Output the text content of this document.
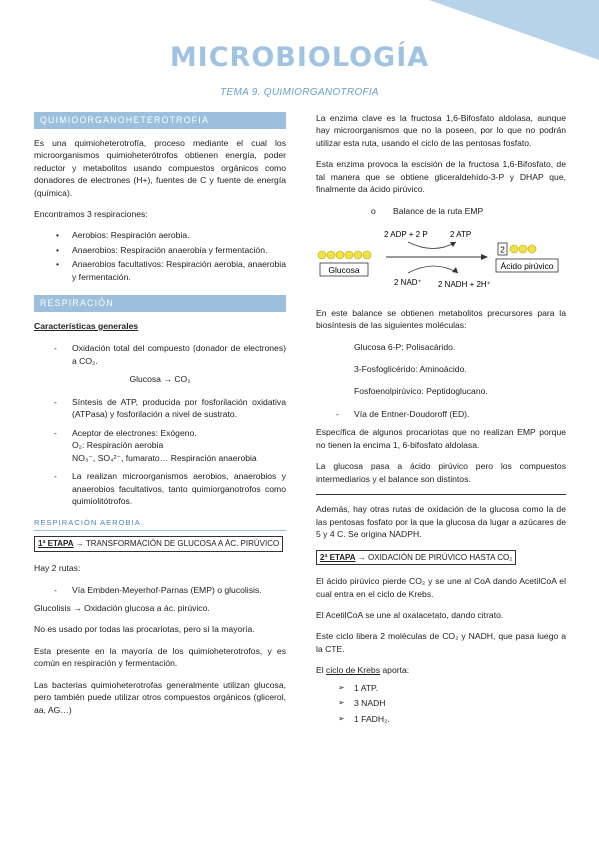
MICROBIOLOGÍA
TEMA 9. QUIMIORGANOTROFIA
QUIMIOORGANOHETEROTROFIA

Es una quimioheterotrofía, proceso mediante el cual los microorganismos quimioheterótrofos obtienen energía, poder reductor y metabolitos usando compuestos orgánicos como donadores de electrones (H+), fuentes de C y fuente de energía (química).

Encontramos 3 respiraciones:

• Aerobios: Respiración aerobia.
• Anaerobios: Respiración anaerobia y fermentación.
• Anaerobios facultativos: Respiración aerobia, anaerobia y fermentación.
RESPIRACIÓN
Características generales
- Oxidación total del compuesto (donador de electrones) a CO₂.
Glucosa → CO₂
- Síntesis de ATP, producida por fosforilación oxidativa (ATPasa) y fosforilación a nivel de sustrato.
- Aceptor de electrones: Exógeno.
O₂: Respiración aerobia
NO₃⁻, SO₄²⁻, fumarato… Respiración anaerobia
- La realizan microorganismos aerobios, anaerobios y anaerobios facultativos, tanto quimiorganotrofos como quimiolitótrofos.
RESPIRACIÓN AEROBIA
1ª ETAPA → TRANSFORMACIÓN DE GLUCOSA A ÁC. PIRÚVICO

Hay 2 rutas:

- Vía Embden-Meyerhof-Parnas (EMP) o glucolisis.

Glucolisis → Oxidación glucosa a ác. pirúvico.

No es usado por todas las procariotas, pero sí la mayoría.

Esta presente en la mayoría de los quimioheterotrofos, y es común en respiración y fermentación.

Las bacterias quimioheterotrofas generalmente utilizan glucosa, pero también puede utilizar otros compuestos orgánicos (glicerol, aa, AG…)

La enzima clave es la fructosa 1,6-Bifosfato aldolasa, aunque hay microorganismos que no la poseen, por lo que no podrán utilizar esta ruta, usando el ciclo de las pentosas fosfato.

Esta enzima provoca la escisión de la fructosa 1,6-Bifosfato, de tal manera que se obtiene gliceraldehído-3-P y DHAP que, finalmente da ácido pirúvico.

o Balance de la ruta EMP
Glucosa
2 ADP + 2 P	2 ATP
2 NAD⁺ 2 NADH + 2H⁺
2
Ácido pirúvico

En este balance se obtienen metabolitos precursores para la biosíntesis de las siguientes moléculas:

Glucosa 6-P: Polisacárido.
3-Fosfoglicérido: Aminoácido.
Fosfoenolpirúvico: Peptidoglucano.
- Vía de Entner-Doudoroff (ED).

Específica de algunos procariotas que no realizan EMP porque no tienen la encima 1, 6-bifosfato aldolasa.

La glucosa pasa a ácido pirúvico pero los compuestos intermediarios y el balance son distintos.

Además, hay otras rutas de oxidación de la glucosa como la de las pentosas fosfato por la que la glucosa da lugar a azúcares de 5 y 4 C. Se origina NADPH.

2ª ETAPA → OXIDACIÓN DE PIRÚVICO HASTA CO₂

El ácido pirúvico pierde CO₂ y se une al CoA dando AcetilCoA el cual entra en el ciclo de Krebs.

El AcetilCoA se une al oxalacetato, dando citrato.

Este ciclo libera 2 moléculas de CO₂ y NADH, que pasa luego a la CTE.

El ciclo de Krebs aporta:

➢ 1 ATP.
➢ 3 NADH
➢ 1 FADH₂.
